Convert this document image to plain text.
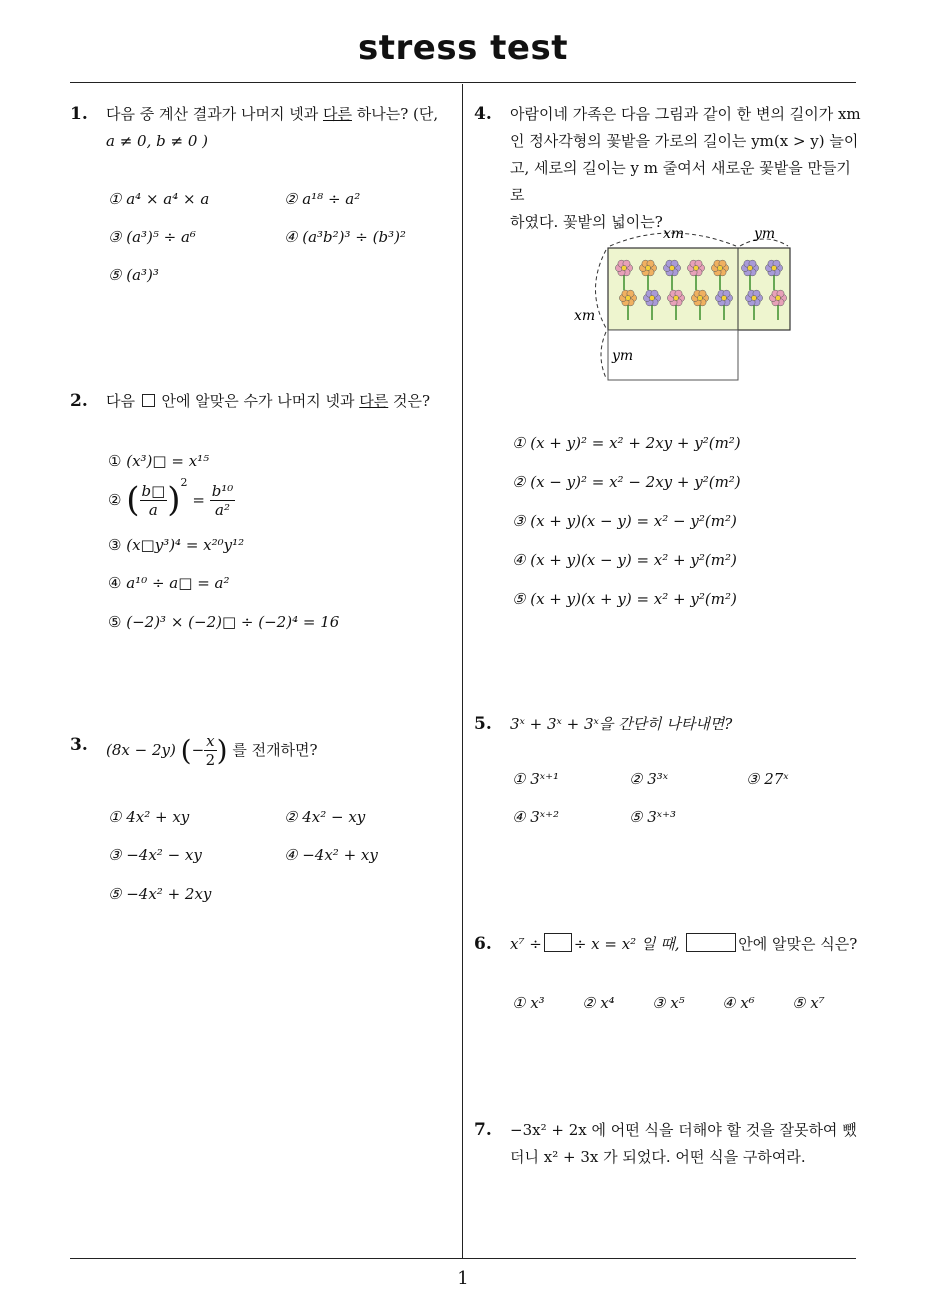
stress test
1
1. 다음 중 계산 결과가 나머지 넷과 다른 하나는? (단,
a ≠ 0, b ≠ 0 )
① a⁴ × a⁴ × a	② a¹⁸ ÷ a²
③ (a³)⁵ ÷ a⁶	④ (a³b²)³ ÷ (b³)²
⑤ (a³)³
2. 다음  안에 알맞은 수가 나머지 넷과 다른 것은?
① (x³)□ = x¹⁵
② ( $\frac{b□}{a} )^2 = \frac{\text{b¹⁰}}{\text{a²}}$
③ (x□y³)⁴ = x²⁰y¹²
④ a¹⁰ ÷ a□ = a²
⑤ (−2)³ × (−2)□ ÷ (−2)⁴ = 16
3. (8x − 2y) (− $\frac{x}{2}$ ) 를 전개하면?
① 4x² + xy	② 4x² − xy
③ −4x² − xy	④ −4x² + xy
⑤ −4x² + 2xy
4. 아람이네 가족은 다음 그림과 같이 한 변의 길이가 xm
인 정사각형의 꽃밭을 가로의 길이는 ym(x > y) 늘이
고, 세로의 길이는 y m 줄여서 새로운 꽃밭을 만들기로
하였다. 꽃밭의 넓이는?
xm	ym
xm
ym
① (x + y)² = x² + 2xy + y²(m²)
② (x − y)² = x² − 2xy + y²(m²)
③ (x + y)(x − y) = x² − y²(m²)
④ (x + y)(x − y) = x² + y²(m²)
⑤ (x + y)(x + y) = x² + y²(m²)
5. 3ˣ + 3ˣ + 3ˣ을 간단히 나타내면?
① 3ˣ⁺¹	② 3³ˣ	③ 27ˣ
④ 3ˣ⁺²	⑤ 3ˣ⁺³
6. x⁷ ÷ ÷ x = x² 일 때,	안에 알맞은 식은?
① x³ ② x⁴ ③ x⁵ ④ x⁶ ⑤ x⁷
7. −3x² + 2x 에 어떤 식을 더해야 할 것을 잘못하여 뺐
더니 x² + 3x 가 되었다. 어떤 식을 구하여라.
